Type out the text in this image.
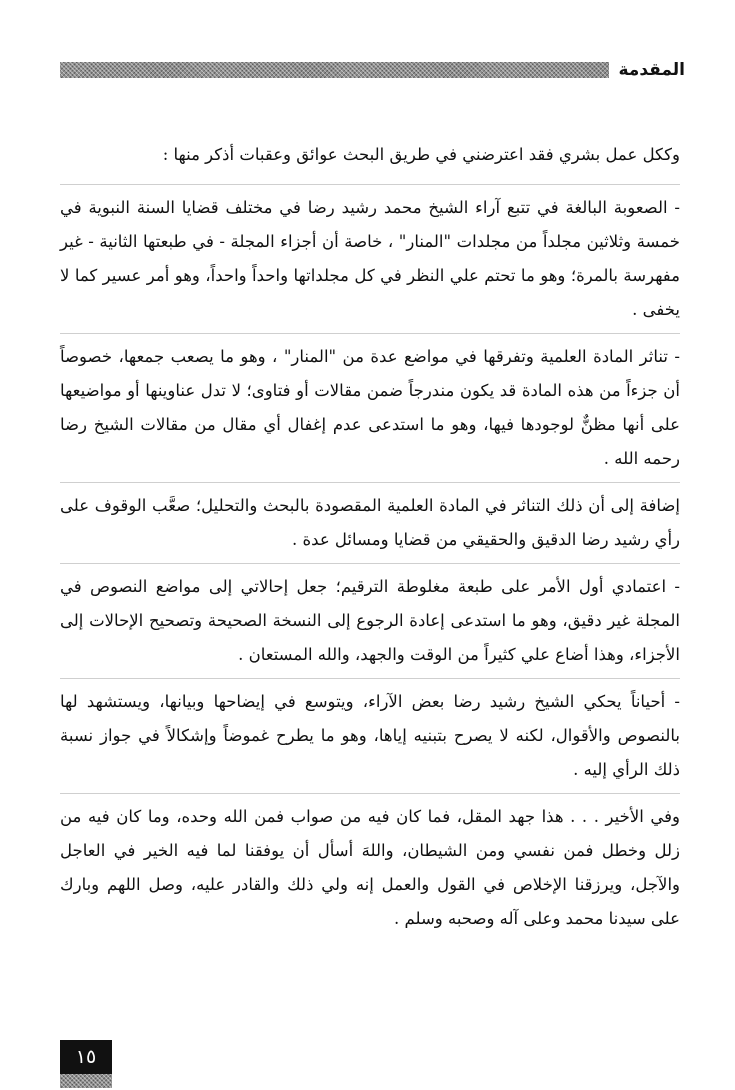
المقدمة

وككل عمل بشري فقد اعترضني في طريق البحث عوائق وعقبات أذكر منها :

- الصعوبة البالغة في تتبع آراء الشيخ محمد رشيد رضا في مختلف قضايا السنة النبوية في خمسة وثلاثين مجلداً من مجلدات "المنار" ، خاصة أن أجزاء المجلة - في طبعتها الثانية - غير مفهرسة بالمرة؛ وهو ما تحتم علي النظر في كل مجلداتها واحداً واحداً، وهو أمر عسير كما لا يخفى .

- تناثر المادة العلمية وتفرقها في مواضع عدة من "المنار" ، وهو ما يصعب جمعها، خصوصاً أن جزءاً من هذه المادة قد يكون مندرجاً ضمن مقالات أو فتاوى؛ لا تدل عناوينها أو مواضيعها على أنها مظنٌّ لوجودها فيها، وهو ما استدعى عدم إغفال أي مقال من مقالات الشيخ رضا رحمه الله .

إضافة إلى أن ذلك التناثر في المادة العلمية المقصودة بالبحث والتحليل؛ صعَّب الوقوف على رأي رشيد رضا الدقيق والحقيقي من قضايا ومسائل عدة .

- اعتمادي أول الأمر على طبعة مغلوطة الترقيم؛ جعل إحالاتي إلى مواضع النصوص في المجلة غير دقيق، وهو ما استدعى إعادة الرجوع إلى النسخة الصحيحة وتصحيح الإحالات إلى الأجزاء، وهذا أضاع علي كثيراً من الوقت والجهد، والله المستعان .

- أحياناً يحكي الشيخ رشيد رضا بعض الآراء، ويتوسع في إيضاحها وبيانها، ويستشهد لها بالنصوص والأقوال، لكنه لا يصرح بتبنيه إياها، وهو ما يطرح غموضاً وإشكالاً في جواز نسبة ذلك الرأي إليه .

وفي الأخير . . . هذا جهد المقل، فما كان فيه من صواب فمن الله وحده، وما كان فيه من زلل وخطل فمن نفسي ومن الشيطان، واللهَ أسأل أن يوفقنا لما فيه الخير في العاجل والآجل، ويرزقنا الإخلاص في القول والعمل إنه ولي ذلك والقادر عليه، وصل اللهم وبارك على سيدنا محمد وعلى آله وصحبه وسلم .

١٥
